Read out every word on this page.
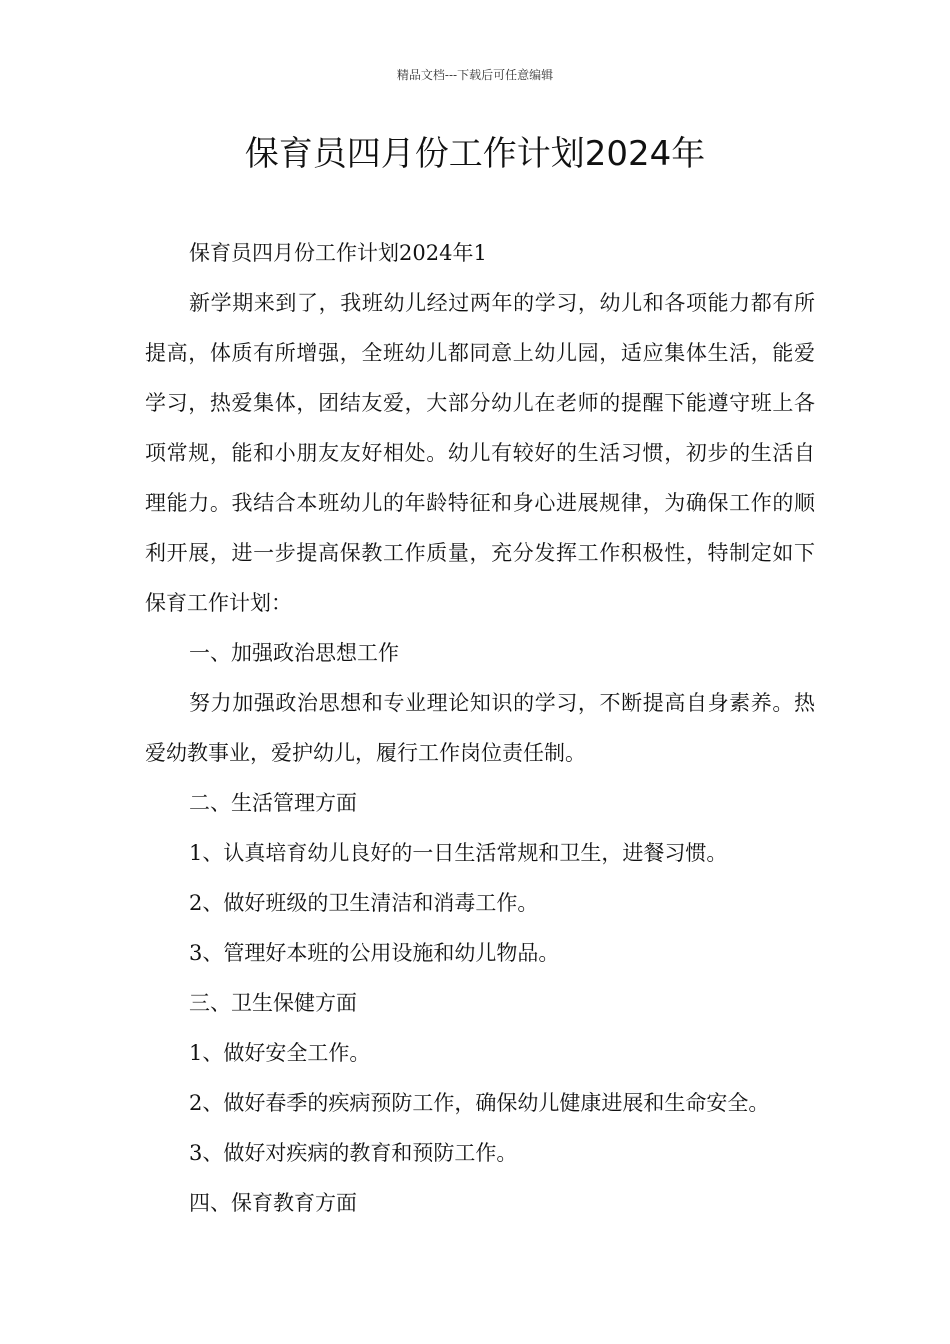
精品文档---下载后可任意编辑
保育员四月份工作计划2024年

保育员四月份工作计划2024年1

新学期来到了，我班幼儿经过两年的学习，幼儿和各项能力都有所提高，体质有所增强，全班幼儿都同意上幼儿园，适应集体生活，能爱学习，热爱集体，团结友爱，大部分幼儿在老师的提醒下能遵守班上各项常规，能和小朋友友好相处。幼儿有较好的生活习惯，初步的生活自理能力。我结合本班幼儿的年龄特征和身心进展规律，为确保工作的顺利开展，进一步提高保教工作质量，充分发挥工作积极性，特制定如下保育工作计划：

一、加强政治思想工作

努力加强政治思想和专业理论知识的学习，不断提高自身素养。热爱幼教事业，爱护幼儿，履行工作岗位责任制。

二、生活管理方面

1、认真培育幼儿良好的一日生活常规和卫生，进餐习惯。

2、做好班级的卫生清洁和消毒工作。

3、管理好本班的公用设施和幼儿物品。

三、卫生保健方面

1、做好安全工作。

2、做好春季的疾病预防工作，确保幼儿健康进展和生命安全。

3、做好对疾病的教育和预防工作。

四、保育教育方面
